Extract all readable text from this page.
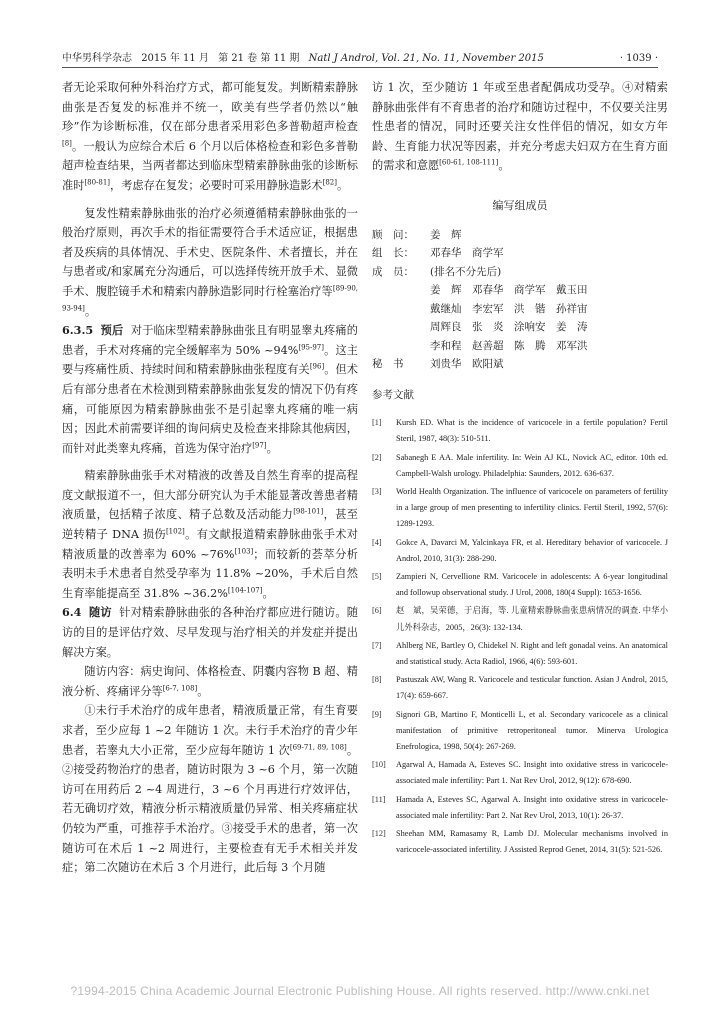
中华男科学杂志 2015 年 11 月 第 21 卷 第 11 期 Natl J Androl, Vol. 21, No. 11, November 2015	· 1039 ·

者无论采取何种外科治疗方式，都可能复发。判断精索静脉曲张是否复发的标准并不统一，欧美有些学者仍然以“触珍”作为诊断标准，仅在部分患者采用彩色多普勒超声检查[8]。一般认为应综合术后 6 个月以后体格检查和彩色多普勒超声检查结果，当两者都达到临床型精索静脉曲张的诊断标准时[80-81]，考虑存在复发；必要时可采用静脉造影术[82]。

复发性精索静脉曲张的治疗必须遵循精索静脉曲张的一般治疗原则，再次手术的指征需要符合手术适应证，根据患者及疾病的具体情况、手术史、医院条件、术者擅长，并在与患者或/和家属充分沟通后，可以选择传统开放手术、显微手术、腹腔镜手术和精索内静脉造影同时行栓塞治疗等[89-90, 93-94]。

6.3.5 预后 对于临床型精索静脉曲张且有明显睾丸疼痛的患者，手术对疼痛的完全缓解率为 50% ~94%[95-97]。这主要与疼痛性质、持续时间和精索静脉曲张程度有关[96]。但术后有部分患者在术检测到精索静脉曲张复发的情况下仍有疼痛，可能原因为精索静脉曲张不是引起睾丸疼痛的唯一病因；因此术前需要详细的询问病史及检查来排除其他病因，而针对此类睾丸疼痛，首选为保守治疗[97]。

精索静脉曲张手术对精液的改善及自然生育率的提高程度文献报道不一，但大部分研究认为手术能显著改善患者精液质量，包括精子浓度、精子总数及活动能力[98-101]，甚至逆转精子 DNA 损伤[102]。有文献报道精索静脉曲张手术对精液质量的改善率为 60% ~76%[103]；而较新的荟萃分析表明未手术患者自然受孕率为 11.8% ~20%，手术后自然生育率能提高至 31.8% ~36.2%[104-107]。

6.4 随访 针对精索静脉曲张的各种治疗都应进行随访。随访的目的是评估疗效、尽早发现与治疗相关的并发症并提出解决方案。

随访内容：病史询问、体格检查、阴囊内容物 B 超、精液分析、疼痛评分等[6-7, 108]。

①未行手术治疗的成年患者，精液质量正常，有生育要求者，至少应每 1 ~2 年随访 1 次。未行手术治疗的青少年患者，若睾丸大小正常，至少应每年随访 1 次[69-71, 89, 108]。②接受药物治疗的患者，随访时限为 3 ~6 个月，第一次随访可在用药后 2 ~4 周进行，3 ~6 个月再进行疗效评估，若无确切疗效，精液分析示精液质量仍异常、相关疼痛症状仍较为严重，可推荐手术治疗。③接受手术的患者，第一次随访可在术后 1 ~2 周进行，主要检查有无手术相关并发症；第二次随访在术后 3 个月进行，此后每 3 个月随

访 1 次，至少随访 1 年或至患者配偶成功受孕。④对精索静脉曲张伴有不育患者的治疗和随访过程中，不仅要关注男性患者的情况，同时还要关注女性伴侣的情况，如女方年龄、生育能力状况等因素，并充分考虑夫妇双方在生育方面的需求和意愿[60-61, 108-111]。

编写组成员
顾　问：	姜　辉
组　长：	邓春华　商学军
成　员：	(排名不分先后)
姜　辉　邓春华　商学军　戴玉田
戴继灿　李宏军　洪　锴　孙祥宙
周辉良　张　炎　涂响安　姜　涛
李和程　赵善超　陈　腾　邓军洪
秘　书	刘贵华　欧阳斌
参考文献
[1]	Kursh ED. What is the incidence of varicocele in a fertile population? Fertil Steril, 1987, 48(3): 510-511.
[2]	Sabanegh E AA. Male infertility. In: Wein AJ KL, Novick AC, editor. 10th ed. Campbell-Walsh urology. Philadelphia: Saunders, 2012. 636-637.
[3]	World Health Organization. The influence of varicocele on parameters of fertility in a large group of men presenting to infertility clinics. Fertil Steril, 1992, 57(6): 1289-1293.
[4]	Gokce A, Davarci M, Yalcinkaya FR, et al. Hereditary behavior of varicocele. J Androl, 2010, 31(3): 288-290.
[5]	Zampieri N, Cervellione RM. Varicocele in adolescents: A 6-year longitudinal and followup observational study. J Urol, 2008, 180(4 Suppl): 1653-1656.
[6]	赵　斌，吴荣德，于启海，等. 儿童精索静脉曲张患病情况的调查. 中华小儿外科杂志，2005，26(3): 132-134.
[7]	Ahlberg NE, Bartley O, Chidekel N. Right and left gonadal veins. An anatomical and statistical study. Acta Radiol, 1966, 4(6): 593-601.
[8]	Pastuszak AW, Wang R. Varicocele and testicular function. Asian J Androl, 2015, 17(4): 659-667.
[9]	Signori GB, Martino F, Monticelli L, et al. Secondary varicocele as a clinical manifestation of primitive retroperitoneal tumor. Minerva Urologica Enefrologica, 1998, 50(4): 267-269.
[10]	Agarwal A, Hamada A, Esteves SC. Insight into oxidative stress in varicocele-associated male infertility: Part 1. Nat Rev Urol, 2012, 9(12): 678-690.
[11]	Hamada A, Esteves SC, Agarwal A. Insight into oxidative stress in varicocele-associated male infertility: Part 2. Nat Rev Urol, 2013, 10(1): 26-37.
[12]	Sheehan MM, Ramasamy R, Lamb DJ. Molecular mechanisms involved in varicocele-associated infertility. J Assisted Reprod Genet, 2014, 31(5): 521-526.
?1994-2015 China Academic Journal Electronic Publishing House. All rights reserved. http://www.cnki.net
